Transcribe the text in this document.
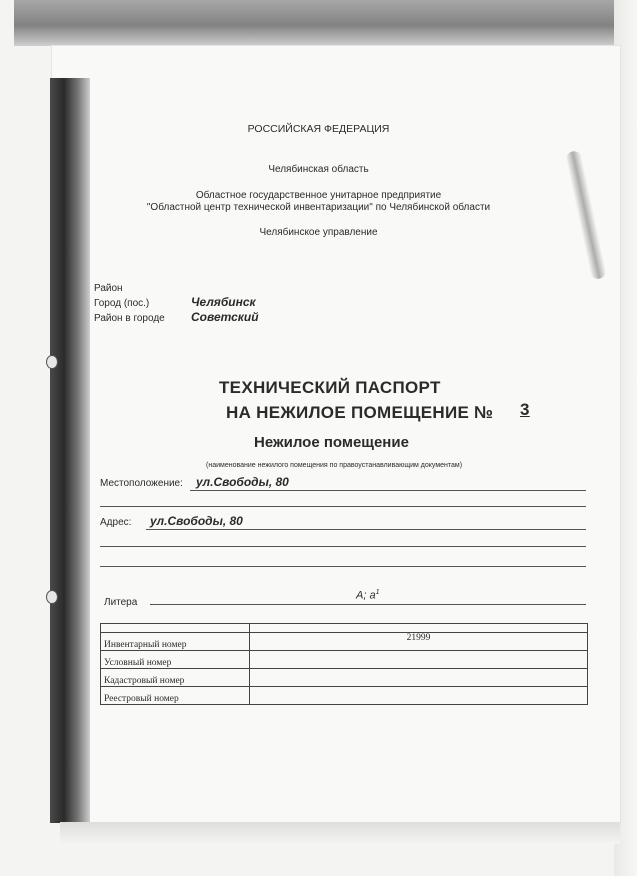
РОССИЙСКАЯ ФЕДЕРАЦИЯ
Челябинская область
Областное государственное унитарное предприятие
"Областной центр технической инвентаризации" по Челябинской области
Челябинское управление
Район
Город (пос.)	Челябинск
Район в городе Советский
ТЕХНИЧЕСКИЙ ПАСПОРТ
НА НЕЖИЛОЕ ПОМЕЩЕНИЕ № 3
Нежилое помещение
(наименование нежилого помещения по правоустанавливающим документам)
Местоположение: ул.Свободы, 80
Адрес: ул.Свободы, 80
Литера
А; $а^1$

Инвентарный номер	21999
Условный номер	
Кадастровый номер	
Реестровый номер	
